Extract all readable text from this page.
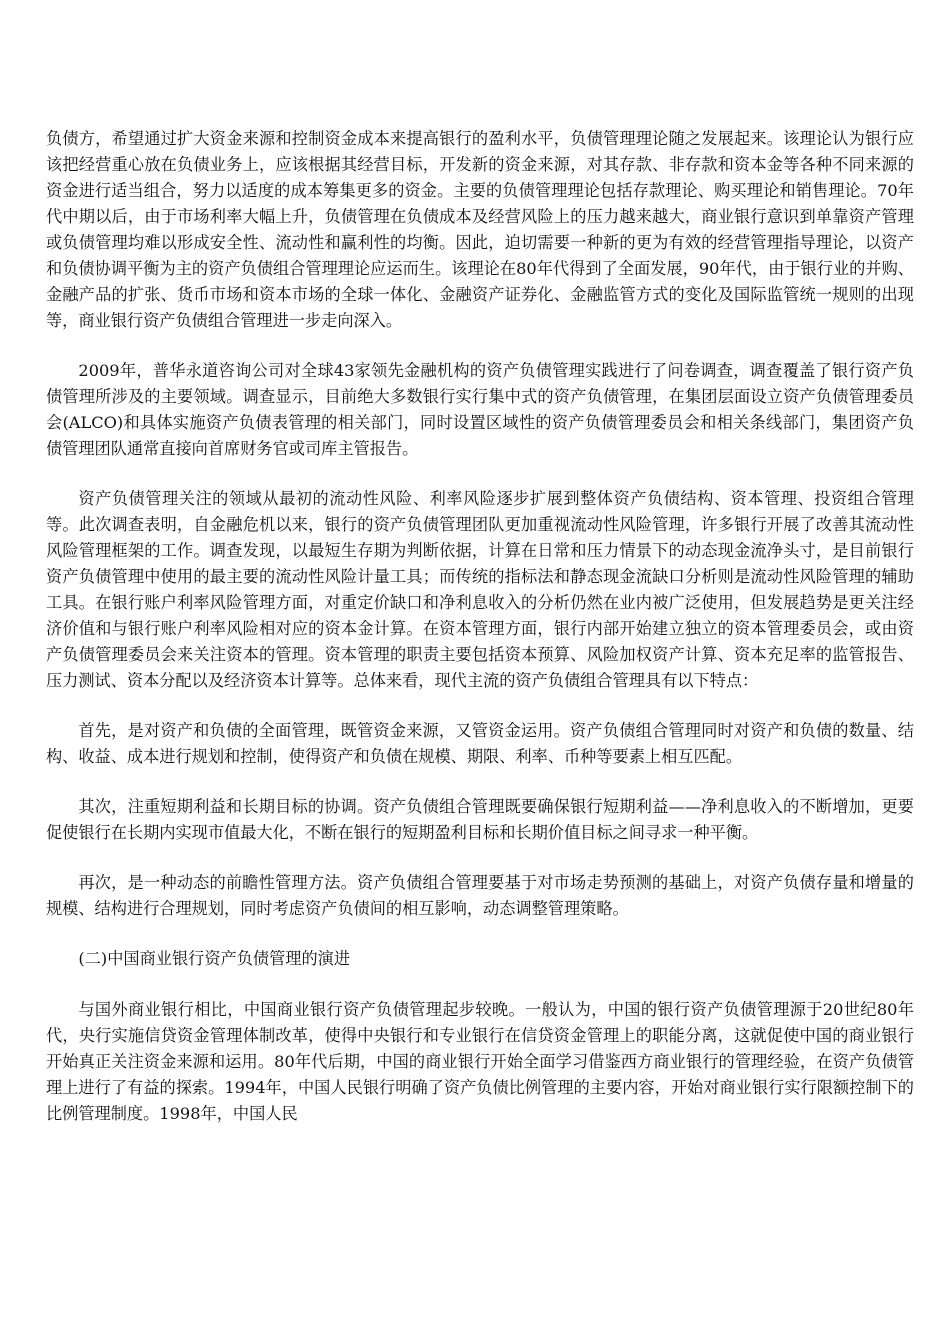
负债方，希望通过扩大资金来源和控制资金成本来提高银行的盈利水平，负债管理理论随之发展起来。该理论认为银行应该把经营重心放在负债业务上，应该根据其经营目标，开发新的资金来源，对其存款、非存款和资本金等各种不同来源的资金进行适当组合，努力以适度的成本筹集更多的资金。主要的负债管理理论包括存款理论、购买理论和销售理论。70年代中期以后，由于市场利率大幅上升，负债管理在负债成本及经营风险上的压力越来越大，商业银行意识到单靠资产管理或负债管理均难以形成安全性、流动性和赢利性的均衡。因此，迫切需要一种新的更为有效的经营管理指导理论，以资产和负债协调平衡为主的资产负债组合管理理论应运而生。该理论在80年代得到了全面发展，90年代，由于银行业的并购、金融产品的扩张、货币市场和资本市场的全球一体化、金融资产证券化、金融监管方式的变化及国际监管统一规则的出现等，商业银行资产负债组合管理进一步走向深入。

2009年，普华永道咨询公司对全球43家领先金融机构的资产负债管理实践进行了问卷调查，调查覆盖了银行资产负债管理所涉及的主要领域。调查显示，目前绝大多数银行实行集中式的资产负债管理，在集团层面设立资产负债管理委员会(ALCO)和具体实施资产负债表管理的相关部门，同时设置区域性的资产负债管理委员会和相关条线部门，集团资产负债管理团队通常直接向首席财务官或司库主管报告。

资产负债管理关注的领域从最初的流动性风险、利率风险逐步扩展到整体资产负债结构、资本管理、投资组合管理等。此次调查表明，自金融危机以来，银行的资产负债管理团队更加重视流动性风险管理，许多银行开展了改善其流动性风险管理框架的工作。调查发现，以最短生存期为判断依据，计算在日常和压力情景下的动态现金流净头寸，是目前银行资产负债管理中使用的最主要的流动性风险计量工具；而传统的指标法和静态现金流缺口分析则是流动性风险管理的辅助工具。在银行账户利率风险管理方面，对重定价缺口和净利息收入的分析仍然在业内被广泛使用，但发展趋势是更关注经济价值和与银行账户利率风险相对应的资本金计算。在资本管理方面，银行内部开始建立独立的资本管理委员会，或由资产负债管理委员会来关注资本的管理。资本管理的职责主要包括资本预算、风险加权资产计算、资本充足率的监管报告、压力测试、资本分配以及经济资本计算等。总体来看，现代主流的资产负债组合管理具有以下特点：

首先，是对资产和负债的全面管理，既管资金来源，又管资金运用。资产负债组合管理同时对资产和负债的数量、结构、收益、成本进行规划和控制，使得资产和负债在规模、期限、利率、币种等要素上相互匹配。

其次，注重短期利益和长期目标的协调。资产负债组合管理既要确保银行短期利益——净利息收入的不断增加，更要促使银行在长期内实现市值最大化，不断在银行的短期盈利目标和长期价值目标之间寻求一种平衡。

再次，是一种动态的前瞻性管理方法。资产负债组合管理要基于对市场走势预测的基础上，对资产负债存量和增量的规模、结构进行合理规划，同时考虑资产负债间的相互影响，动态调整管理策略。

(二)中国商业银行资产负债管理的演进

与国外商业银行相比，中国商业银行资产负债管理起步较晚。一般认为，中国的银行资产负债管理源于20世纪80年代，央行实施信贷资金管理体制改革，使得中央银行和专业银行在信贷资金管理上的职能分离，这就促使中国的商业银行开始真正关注资金来源和运用。80年代后期，中国的商业银行开始全面学习借鉴西方商业银行的管理经验，在资产负债管理上进行了有益的探索。1994年，中国人民银行明确了资产负债比例管理的主要内容，开始对商业银行实行限额控制下的比例管理制度。1998年，中国人民
